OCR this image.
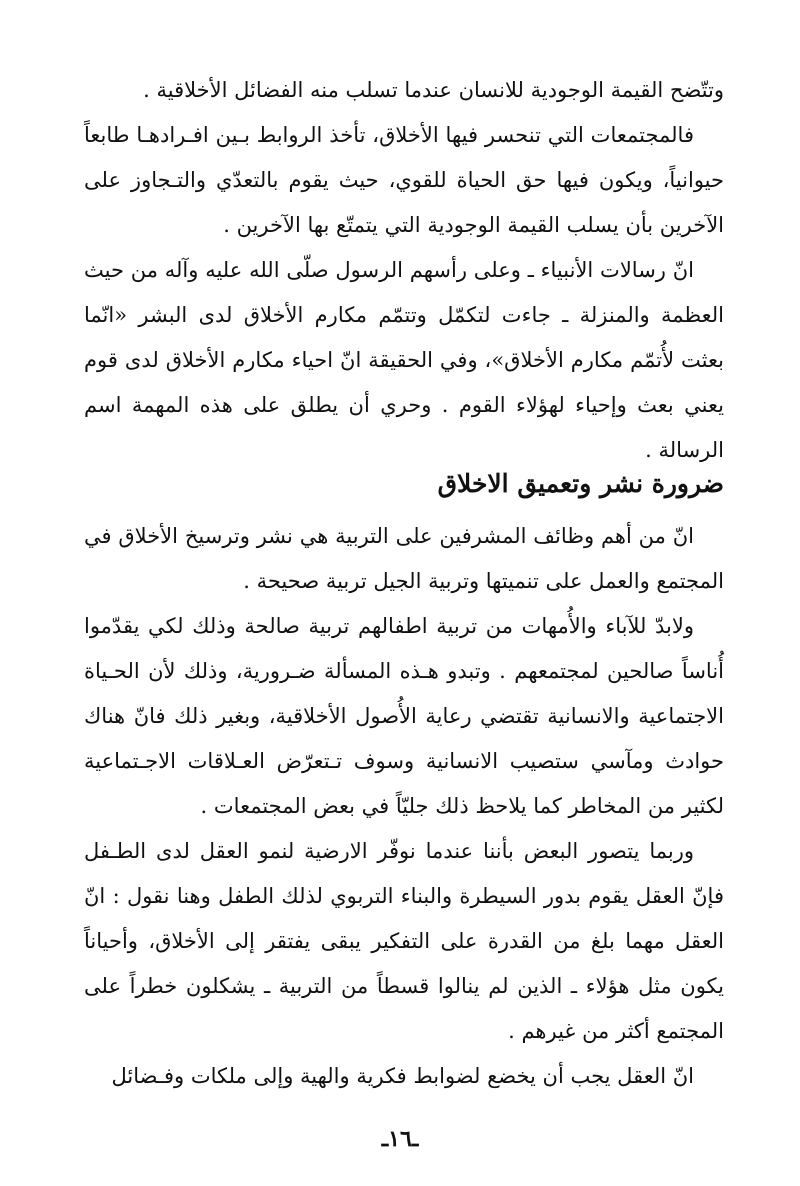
وتتّضح القيمة الوجودية للانسان عندما تسلب منه الفضائل الأخلاقية .

فالمجتمعات التي تنحسر فيها الأخلاق، تأخذ الروابط بـين افـرادهـا طابعاً حيوانياً، ويكون فيها حق الحياة للقوي، حيث يقوم بالتعدّي والتـجاوز على الآخرين بأن يسلب القيمة الوجودية التي يتمتّع بها الآخرين .

انّ رسالات الأنبياء ـ وعلى رأسهم الرسول صلّى الله عليه وآله من حيث العظمة والمنزلة ـ جاءت لتكمّل وتتمّم مكارم الأخلاق لدى البشر «انّما بعثت لأُتمّم مكارم الأخلاق»، وفي الحقيقة انّ احياء مكارم الأخلاق لدى قوم يعني بعث وإحياء لهؤلاء القوم . وحري أن يطلق على هذه المهمة اسم الرسالة .

ضرورة نشر وتعميق الاخلاق

انّ من أهم وظائف المشرفين على التربية هي نشر وترسيخ الأخلاق في المجتمع والعمل على تنميتها وتربية الجيل تربية صحيحة .

ولابدّ للآباء والأُمهات من تربية اطفالهم تربية صالحة وذلك لكي يقدّموا أُناساً صالحين لمجتمعهم . وتبدو هـذه المسألة ضـرورية، وذلك لأن الحـياة الاجتماعية والانسانية تقتضي رعاية الأُصول الأخلاقية، وبغير ذلك فانّ هناك حوادث ومآسي ستصيب الانسانية وسوف تـتعرّض العـلاقات الاجـتماعية لكثير من المخاطر كما يلاحظ ذلك جليّاً في بعض المجتمعات .

وربما يتصور البعض بأننا عندما نوفّر الارضية لنمو العقل لدى الطـفل فإنّ العقل يقوم بدور السيطرة والبناء التربوي لذلك الطفل وهنا نقول : انّ العقل مهما بلغ من القدرة على التفكير يبقى يفتقر إلى الأخلاق، وأحياناً يكون مثل هؤلاء ـ الذين لم ينالوا قسطاً من التربية ـ يشكلون خطراً على المجتمع أكثر من غيرهم .

انّ العقل يجب أن يخضع لضوابط فكرية والهية وإلى ملكات وفـضائل

ـ١٦ـ
